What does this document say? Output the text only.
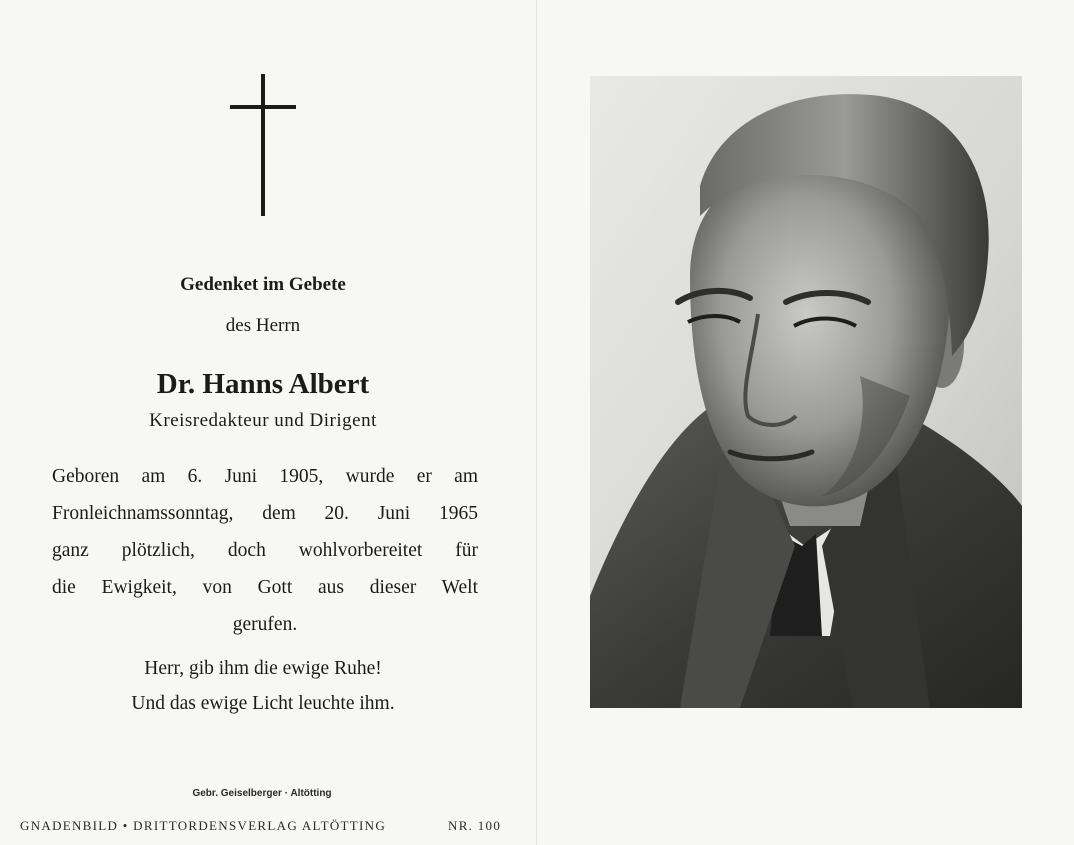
Gedenket im Gebete
des Herrn
Dr. Hanns Albert
Kreisredakteur und Dirigent
Geboren am 6. Juni 1905, wurde er am
Fronleichnamssonntag, dem 20. Juni 1965
ganz plötzlich, doch wohlvorbereitet für
die Ewigkeit, von Gott aus dieser Welt
gerufen.
Herr, gib ihm die ewige Ruhe!
Und das ewige Licht leuchte ihm.
Gebr. Geiselberger · Altötting
GNADENBILD • DRITTORDENSVERLAG ALTÖTTING	NR. 100
